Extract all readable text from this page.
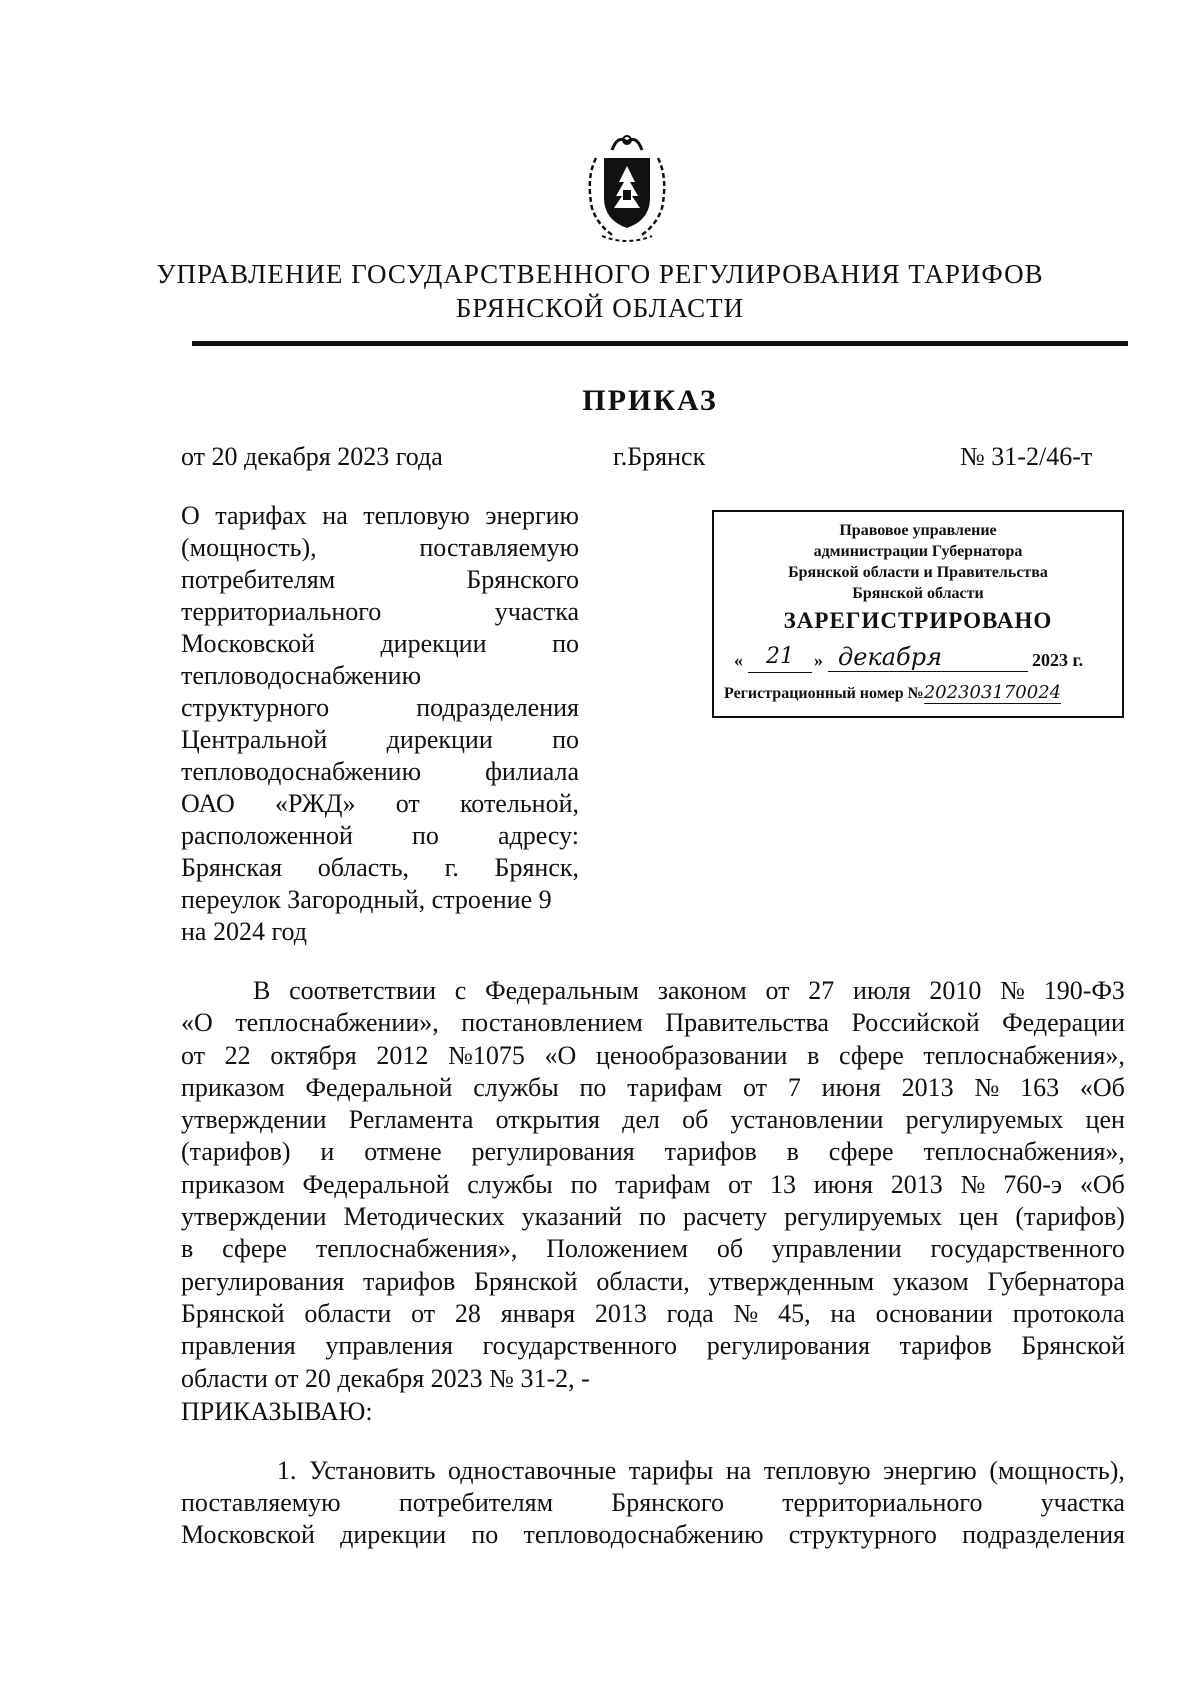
УПРАВЛЕНИЕ ГОСУДАРСТВЕННОГО РЕГУЛИРОВАНИЯ ТАРИФОВ
БРЯНСКОЙ ОБЛАСТИ
ПРИКАЗ
от 20 декабря 2023 года	г.Брянск	№ 31-2/46-т
О тарифах на тепловую энергию
(мощность),	поставляемую
потребителям	Брянского
территориального	участка
Московской	дирекции	по
тепловодоснабжению
структурного	подразделения
Центральной дирекции по
тепловодоснабжению филиала
ОАО «РЖД» от котельной,
расположенной по адресу:
Брянская область, г. Брянск,
переулок Загородный, строение 9
на 2024 год
Правовое управление
администрации Губернатора
Брянской области и Правительства
Брянской области
ЗАРЕГИСТРИРОВАНО
«	21	» декабря	2023 г.
Регистрационный номер №202303170024
В соответствии с Федеральным законом от 27 июля 2010 № 190-ФЗ
«О теплоснабжении», постановлением Правительства Российской Федерации
от 22 октября 2012 №1075 «О ценообразовании в сфере теплоснабжения»,
приказом Федеральной службы по тарифам от 7 июня 2013 № 163 «Об
утверждении Регламента открытия дел об установлении регулируемых цен
(тарифов) и отмене регулирования тарифов в сфере теплоснабжения»,
приказом Федеральной службы по тарифам от 13 июня 2013 № 760-э «Об
утверждении Методических указаний по расчету регулируемых цен (тарифов)
в сфере теплоснабжения», Положением об управлении государственного
регулирования тарифов Брянской области, утвержденным указом Губернатора
Брянской области от 28 января 2013 года № 45, на основании протокола
правления управления государственного регулирования тарифов Брянской
области от 20 декабря 2023 № 31-2, -
ПРИКАЗЫВАЮ:
1. Установить одноставочные тарифы на тепловую энергию (мощность),
поставляемую потребителям Брянского территориального участка
Московской дирекции по тепловодоснабжению структурного подразделения
